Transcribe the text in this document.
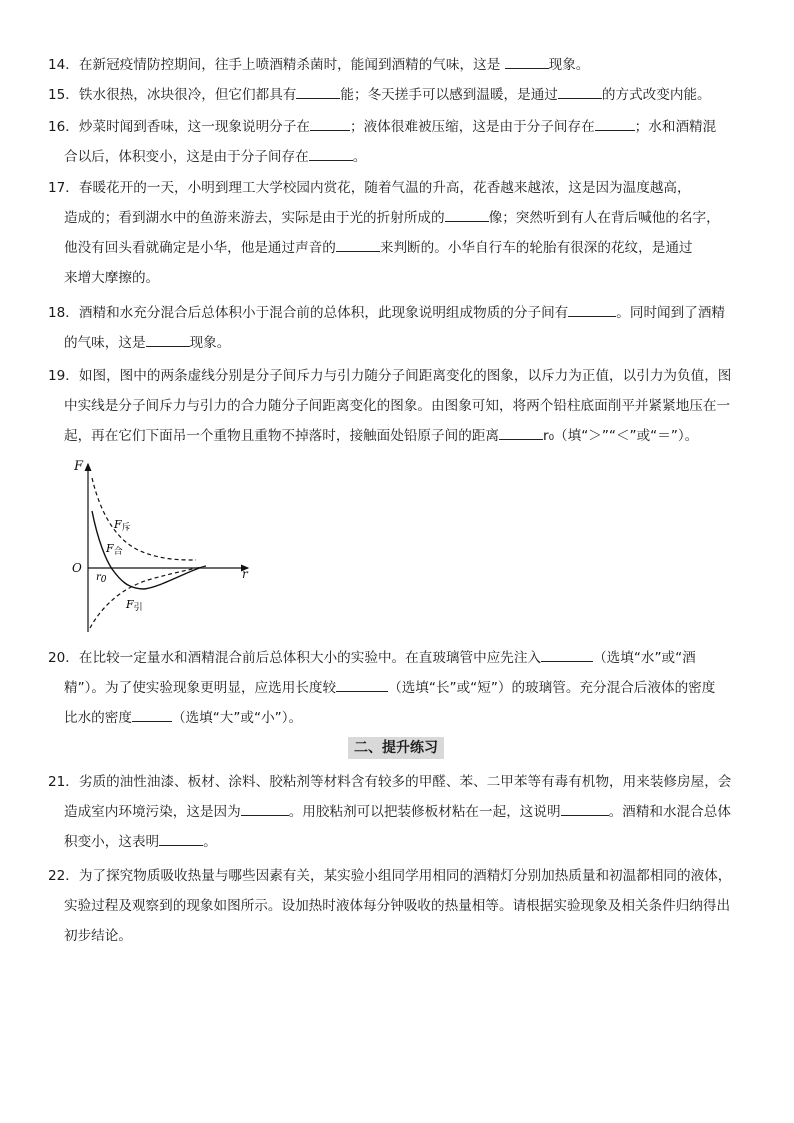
14．在新冠疫情防控期间，往手上喷酒精杀菌时，能闻到酒精的气味，这是	现象。
15．铁水很热，冰块很冷，但它们都具有	能；冬天搓手可以感到温暖，是通过	的方式改变内能。
16．炒菜时闻到香味，这一现象说明分子在	；液体很难被压缩，这是由于分子间存在	；水和酒精混
合以后，体积变小，这是由于分子间存在	。
17．春暖花开的一天，小明到理工大学校园内赏花，随着气温的升高，花香越来越浓，这是因为温度越高，
造成的；看到湖水中的鱼游来游去，实际是由于光的折射所成的	像；突然听到有人在背后喊他的名字，
他没有回头看就确定是小华，他是通过声音的	来判断的。小华自行车的轮胎有很深的花纹，是通过
来增大摩擦的。
18．酒精和水充分混合后总体积小于混合前的总体积，此现象说明组成物质的分子间有	。同时闻到了酒精
的气味，这是	现象。
19．如图，图中的两条虚线分别是分子间斥力与引力随分子间距离变化的图象，以斥力为正值，以引力为负值，图
中实线是分子间斥力与引力的合力随分子间距离变化的图象。由图象可知，将两个铅柱底面削平并紧紧地压在一
起，再在它们下面吊一个重物且重物不掉落时，接触面处铅原子间的距离	r₀（填“＞”“＜”或“＝”）。
F
r
O
r0
F斥
F合
F引
20．在比较一定量水和酒精混合前后总体积大小的实验中。在直玻璃管中应先注入	（选填“水”或“酒
精”）。为了使实验现象更明显，应选用长度较	（选填“长”或“短”）的玻璃管。充分混合后液体的密度
比水的密度	（选填“大”或“小”）。
二、提升练习
21．劣质的油性油漆、板材、涂料、胶粘剂等材料含有较多的甲醛、苯、二甲苯等有毒有机物，用来装修房屋，会
造成室内环境污染，这是因为	。用胶粘剂可以把装修板材粘在一起，这说明	。酒精和水混合总体
积变小，这表明	。
22．为了探究物质吸收热量与哪些因素有关，某实验小组同学用相同的酒精灯分别加热质量和初温都相同的液体，
实验过程及观察到的现象如图所示。设加热时液体每分钟吸收的热量相等。请根据实验现象及相关条件归纳得出
初步结论。
